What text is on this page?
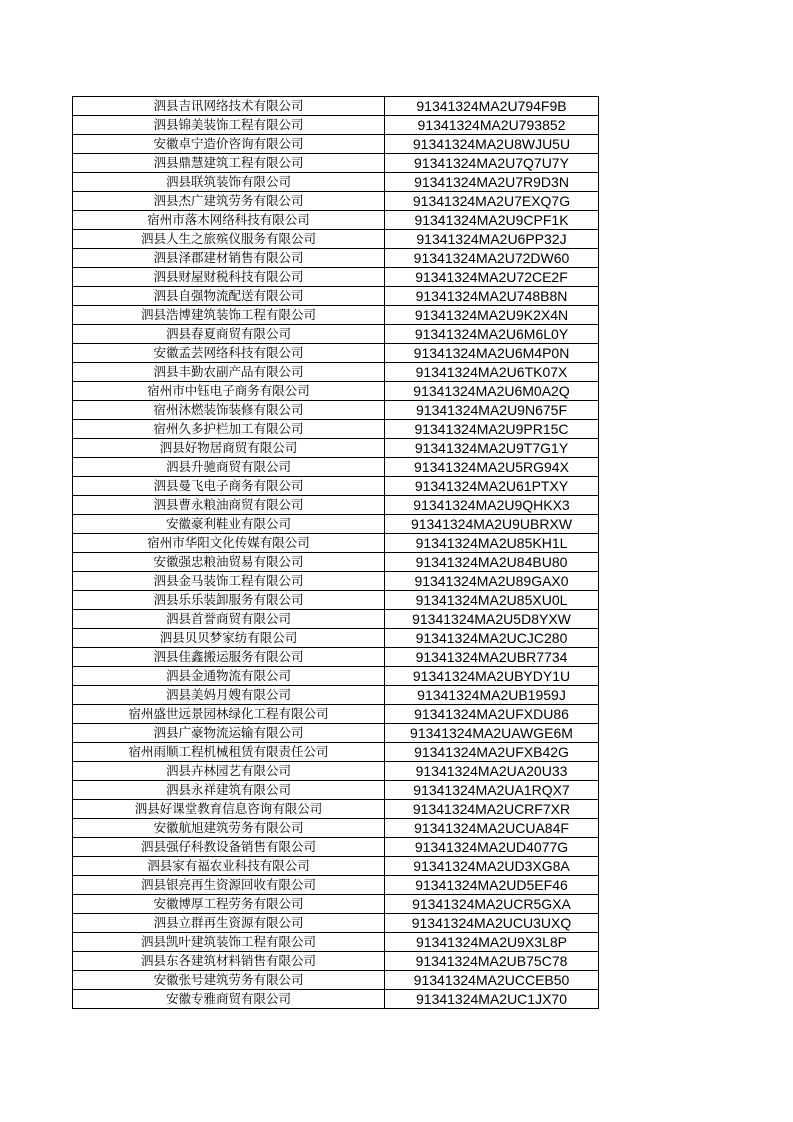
泗县吉讯网络技术有限公司	91341324MA2U794F9B
泗县锦美装饰工程有限公司	91341324MA2U793852
安徽卓宁造价咨询有限公司	91341324MA2U8WJU5U
泗县鼎慧建筑工程有限公司	91341324MA2U7Q7U7Y
泗县联筑装饰有限公司	91341324MA2U7R9D3N
泗县杰广建筑劳务有限公司	91341324MA2U7EXQ7G
宿州市落木网络科技有限公司	91341324MA2U9CPF1K
泗县人生之旅殡仪服务有限公司	91341324MA2U6PP32J
泗县泽郡建材销售有限公司	91341324MA2U72DW60
泗县财屋财税科技有限公司	91341324MA2U72CE2F
泗县自强物流配送有限公司	91341324MA2U748B8N
泗县浩博建筑装饰工程有限公司	91341324MA2U9K2X4N
泗县春夏商贸有限公司	91341324MA2U6M6L0Y
安徽孟芸网络科技有限公司	91341324MA2U6M4P0N
泗县丰勤农副产品有限公司	91341324MA2U6TK07X
宿州市中钰电子商务有限公司	91341324MA2U6M0A2Q
宿州沐燃装饰装修有限公司	91341324MA2U9N675F
宿州久多护栏加工有限公司	91341324MA2U9PR15C
泗县好物居商贸有限公司	91341324MA2U9T7G1Y
泗县升驰商贸有限公司	91341324MA2U5RG94X
泗县曼飞电子商务有限公司	91341324MA2U61PTXY
泗县曹永粮油商贸有限公司	91341324MA2U9QHKX3
安徽豪利鞋业有限公司	91341324MA2U9UBRXW
宿州市华阳文化传媒有限公司	91341324MA2U85KH1L
安徽强忠粮油贸易有限公司	91341324MA2U84BU80
泗县金马装饰工程有限公司	91341324MA2U89GAX0
泗县乐乐装卸服务有限公司	91341324MA2U85XU0L
泗县首誉商贸有限公司	91341324MA2U5D8YXW
泗县贝贝梦家纺有限公司	91341324MA2UCJC280
泗县佳鑫搬运服务有限公司	91341324MA2UBR7734
泗县金通物流有限公司	91341324MA2UBYDY1U
泗县美妈月嫂有限公司	91341324MA2UB1959J
宿州盛世远景园林绿化工程有限公司	91341324MA2UFXDU86
泗县广豪物流运输有限公司	91341324MA2UAWGE6M
宿州雨顺工程机械租赁有限责任公司	91341324MA2UFXB42G
泗县卉林园艺有限公司	91341324MA2UA20U33
泗县永祥建筑有限公司	91341324MA2UA1RQX7
泗县好课堂教育信息咨询有限公司	91341324MA2UCRF7XR
安徽航旭建筑劳务有限公司	91341324MA2UCUA84F
泗县强仔科教设备销售有限公司	91341324MA2UD4077G
泗县家有福农业科技有限公司	91341324MA2UD3XG8A
泗县银亮再生资源回收有限公司	91341324MA2UD5EF46
安徽博厚工程劳务有限公司	91341324MA2UCR5GXA
泗县立群再生资源有限公司	91341324MA2UCU3UXQ
泗县凯叶建筑装饰工程有限公司	91341324MA2U9X3L8P
泗县东各建筑材料销售有限公司	91341324MA2UB75C78
安徽张号建筑劳务有限公司	91341324MA2UCCEB50
安徽专雅商贸有限公司	91341324MA2UC1JX70
